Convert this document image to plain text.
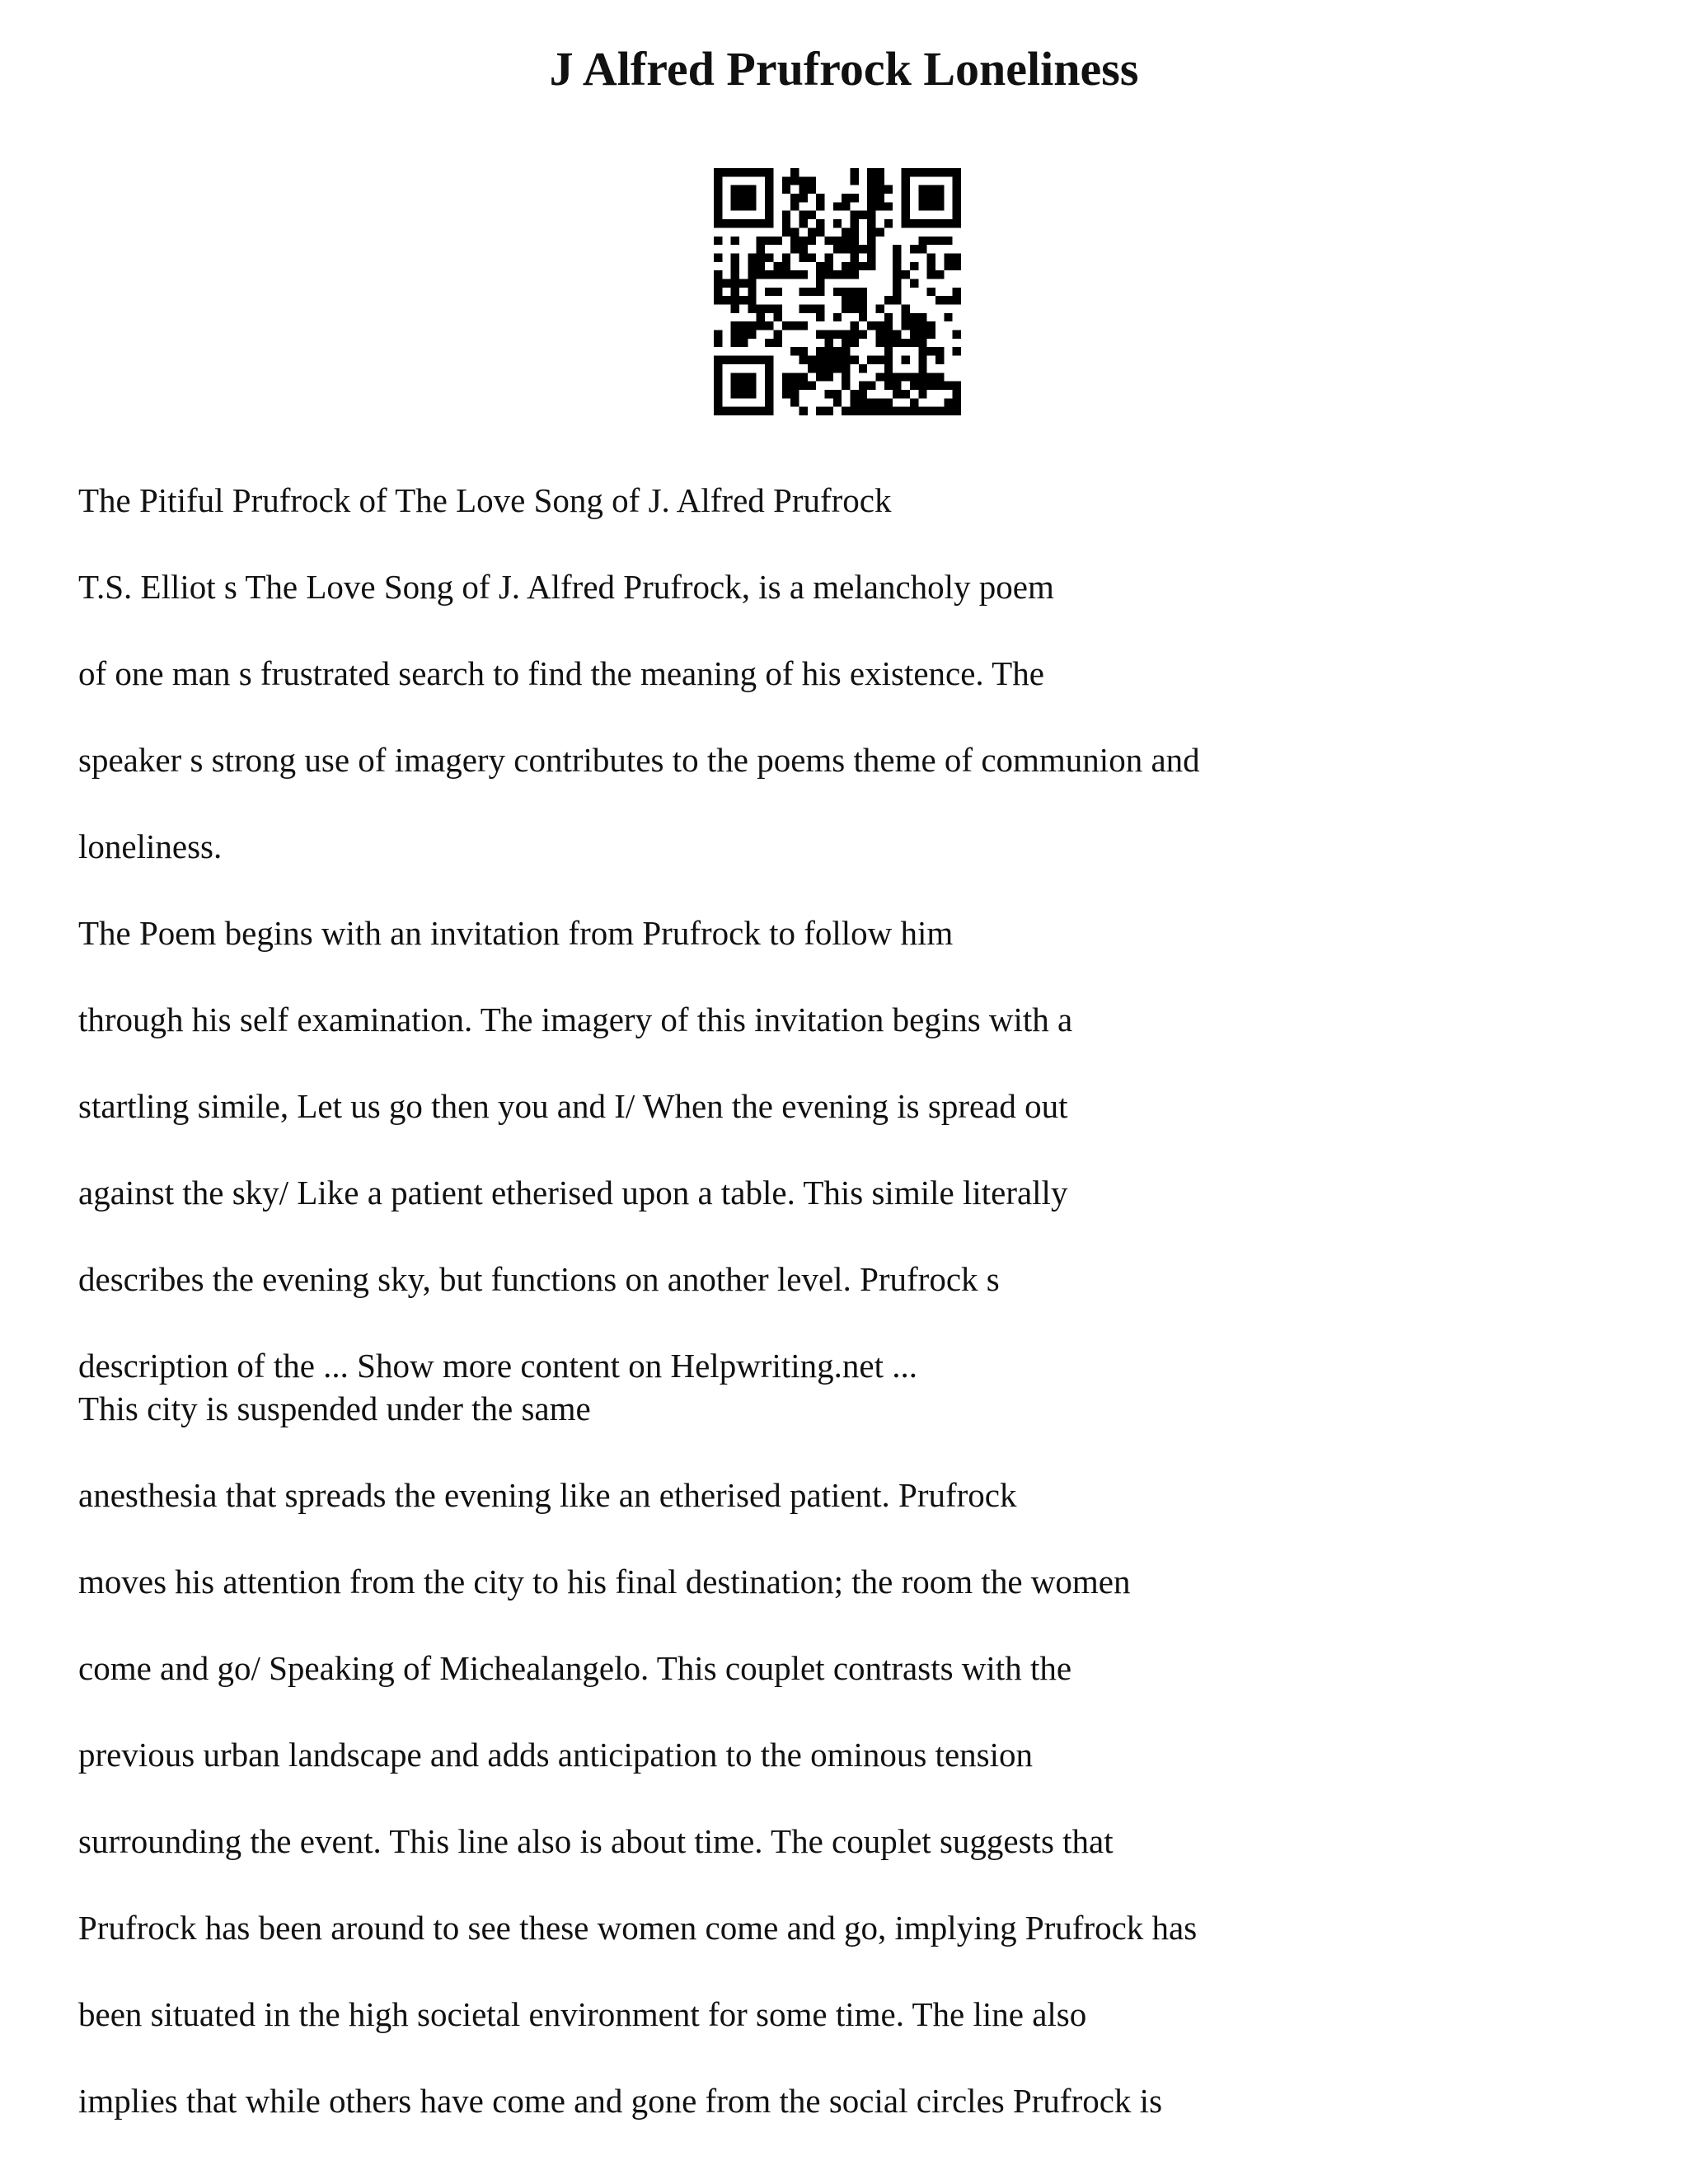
J Alfred Prufrock Loneliness

The Pitiful Prufrock of The Love Song of J. Alfred Prufrock

T.S. Elliot s The Love Song of J. Alfred Prufrock, is a melancholy poem

of one man s frustrated search to find the meaning of his existence. The

speaker s strong use of imagery contributes to the poems theme of communion and

loneliness.

The Poem begins with an invitation from Prufrock to follow him

through his self examination. The imagery of this invitation begins with a

startling simile, Let us go then you and I/ When the evening is spread out

against the sky/ Like a patient etherised upon a table. This simile literally

describes the evening sky, but functions on another level. Prufrock s

description of the ... Show more content on Helpwriting.net ...

This city is suspended under the same

anesthesia that spreads the evening like an etherised patient. Prufrock

moves his attention from the city to his final destination; the room the women

come and go/ Speaking of Michealangelo. This couplet contrasts with the

previous urban landscape and adds anticipation to the ominous tension

surrounding the event. This line also is about time. The couplet suggests that

Prufrock has been around to see these women come and go, implying Prufrock has

been situated in the high societal environment for some time. The line also

implies that while others have come and gone from the social circles Prufrock is
